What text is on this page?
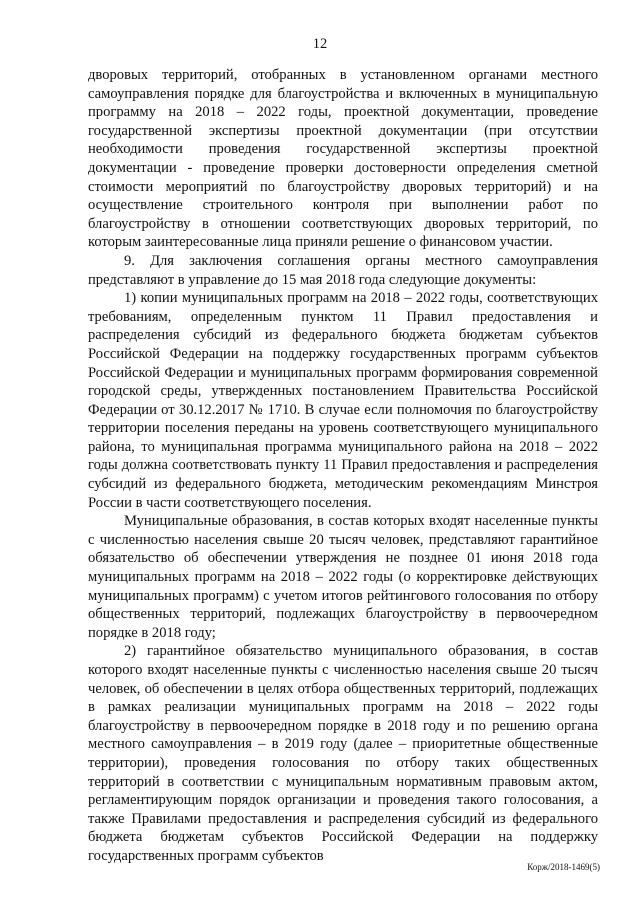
12

дворовых территорий, отобранных в установленном органами местного самоуправления порядке для благоустройства и включенных в муниципальную программу на 2018 – 2022 годы, проектной документации, проведение государственной экспертизы проектной документации (при отсутствии необходимости проведения государственной экспертизы проектной документации - проведение проверки достоверности определения сметной стоимости мероприятий по благоустройству дворовых территорий) и на осуществление строительного контроля при выполнении работ по благоустройству в отношении соответствующих дворовых территорий, по которым заинтересованные лица приняли решение о финансовом участии.

9. Для заключения соглашения органы местного самоуправления представляют в управление до 15 мая 2018 года следующие документы:

1) копии муниципальных программ на 2018 – 2022 годы, соответствующих требованиям, определенным пунктом 11 Правил предоставления и распределения субсидий из федерального бюджета бюджетам субъектов Российской Федерации на поддержку государственных программ субъектов Российской Федерации и муниципальных программ формирования современной городской среды, утвержденных постановлением Правительства Российской Федерации от 30.12.2017 № 1710. В случае если полномочия по благоустройству территории поселения переданы на уровень соответствующего муниципального района, то муниципальная программа муниципального района на 2018 – 2022 годы должна соответствовать пункту 11 Правил предоставления и распределения субсидий из федерального бюджета, методическим рекомендациям Минстроя России в части соответствующего поселения.

Муниципальные образования, в состав которых входят населенные пункты с численностью населения свыше 20 тысяч человек, представляют гарантийное обязательство об обеспечении утверждения не позднее 01 июня 2018 года муниципальных программ на 2018 – 2022 годы (о корректировке действующих муниципальных программ) с учетом итогов рейтингового голосования по отбору общественных территорий, подлежащих благоустройству в первоочередном порядке в 2018 году;

2) гарантийное обязательство муниципального образования, в состав которого входят населенные пункты с численностью населения свыше 20 тысяч человек, об обеспечении в целях отбора общественных территорий, подлежащих в рамках реализации муниципальных программ на 2018 – 2022 годы благоустройству в первоочередном порядке в 2018 году и по решению органа местного самоуправления – в 2019 году (далее – приоритетные общественные территории), проведения голосования по отбору таких общественных территорий в соответствии с муниципальным нормативным правовым актом, регламентирующим порядок организации и проведения такого голосования, а также Правилами предоставления и распределения субсидий из федерального бюджета бюджетам субъектов Российской Федерации на поддержку государственных программ субъектов

Корж/2018-1469(5)
